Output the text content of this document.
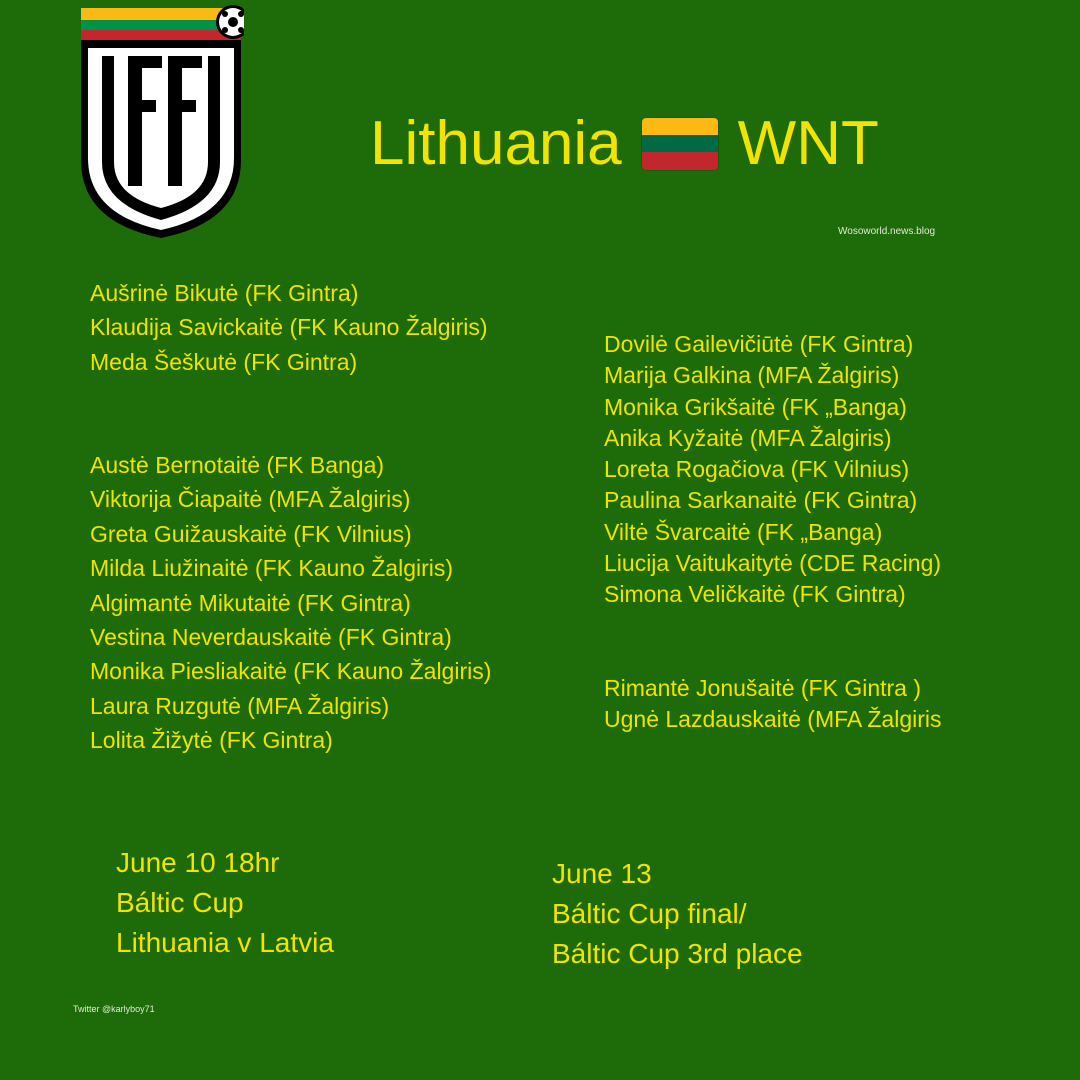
Lithuania WNT
Wosoworld.news.blog
Aušrinė Bikutė (FK Gintra)
Klaudija Savickaitė (FK Kauno Žalgiris)
Meda Šeškutė (FK Gintra)
Austė Bernotaitė (FK Banga)
Viktorija Čiapaitė (MFA Žalgiris)
Greta Guižauskaitė (FK Vilnius)
Milda Liužinaitė (FK Kauno Žalgiris)
Algimantė Mikutaitė (FK Gintra)
Vestina Neverdauskaitė (FK Gintra)
Monika Piesliakaitė (FK Kauno Žalgiris)
Laura Ruzgutė (MFA Žalgiris)
Lolita Žižytė (FK Gintra)
Dovilė Gailevičiūtė (FK Gintra)
Marija Galkina (MFA Žalgiris)
Monika Grikšaitė (FK „Banga)
Anika Kyžaitė (MFA Žalgiris)
Loreta Rogačiova (FK Vilnius)
Paulina Sarkanaitė (FK Gintra)
Viltė Švarcaitė (FK „Banga)
Liucija Vaitukaitytė (CDE Racing)
Simona Veličkaitė (FK Gintra)
Rimantė Jonušaitė (FK Gintra )
Ugnė Lazdauskaitė (MFA Žalgiris
June 10 18hr
Báltic Cup
Lithuania v Latvia
June 13
Báltic Cup final/
Báltic Cup 3rd place
Twitter @karlyboy71
